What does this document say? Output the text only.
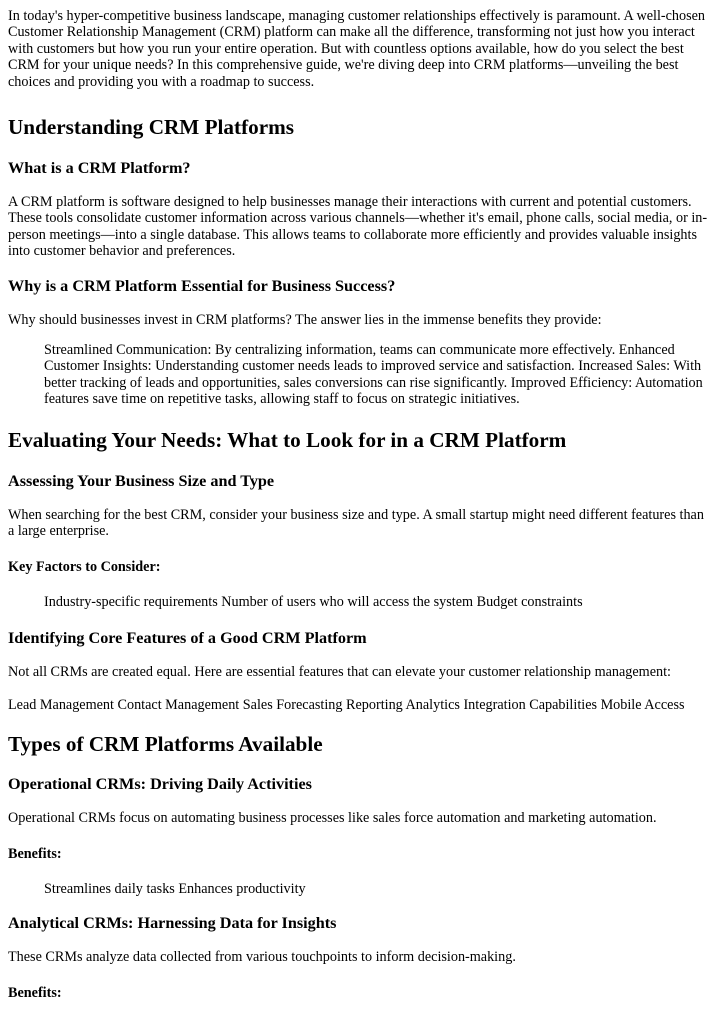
In today's hyper-competitive business landscape, managing customer relationships effectively is paramount. A well-chosen Customer Relationship Management (CRM) platform can make all the difference, transforming not just how you interact with customers but how you run your entire operation. But with countless options available, how do you select the best CRM for your unique needs? In this comprehensive guide, we're diving deep into CRM platforms—unveiling the best choices and providing you with a roadmap to success.

Understanding CRM Platforms
What is a CRM Platform?

A CRM platform is software designed to help businesses manage their interactions with current and potential customers. These tools consolidate customer information across various channels—whether it's email, phone calls, social media, or in-person meetings—into a single database. This allows teams to collaborate more efficiently and provides valuable insights into customer behavior and preferences.

Why is a CRM Platform Essential for Business Success?

Why should businesses invest in CRM platforms? The answer lies in the immense benefits they provide:

Streamlined Communication: By centralizing information, teams can communicate more effectively. Enhanced Customer Insights: Understanding customer needs leads to improved service and satisfaction. Increased Sales: With better tracking of leads and opportunities, sales conversions can rise significantly. Improved Efficiency: Automation features save time on repetitive tasks, allowing staff to focus on strategic initiatives.
Evaluating Your Needs: What to Look for in a CRM Platform
Assessing Your Business Size and Type

When searching for the best CRM, consider your business size and type. A small startup might need different features than a large enterprise.

Key Factors to Consider:
Industry-specific requirements Number of users who will access the system Budget constraints
Identifying Core Features of a Good CRM Platform

Not all CRMs are created equal. Here are essential features that can elevate your customer relationship management:

Lead Management Contact Management Sales Forecasting Reporting Analytics Integration Capabilities Mobile Access

Types of CRM Platforms Available
Operational CRMs: Driving Daily Activities

Operational CRMs focus on automating business processes like sales force automation and marketing automation.

Benefits:
Streamlines daily tasks Enhances productivity
Analytical CRMs: Harnessing Data for Insights

These CRMs analyze data collected from various touchpoints to inform decision-making.

Benefits:
